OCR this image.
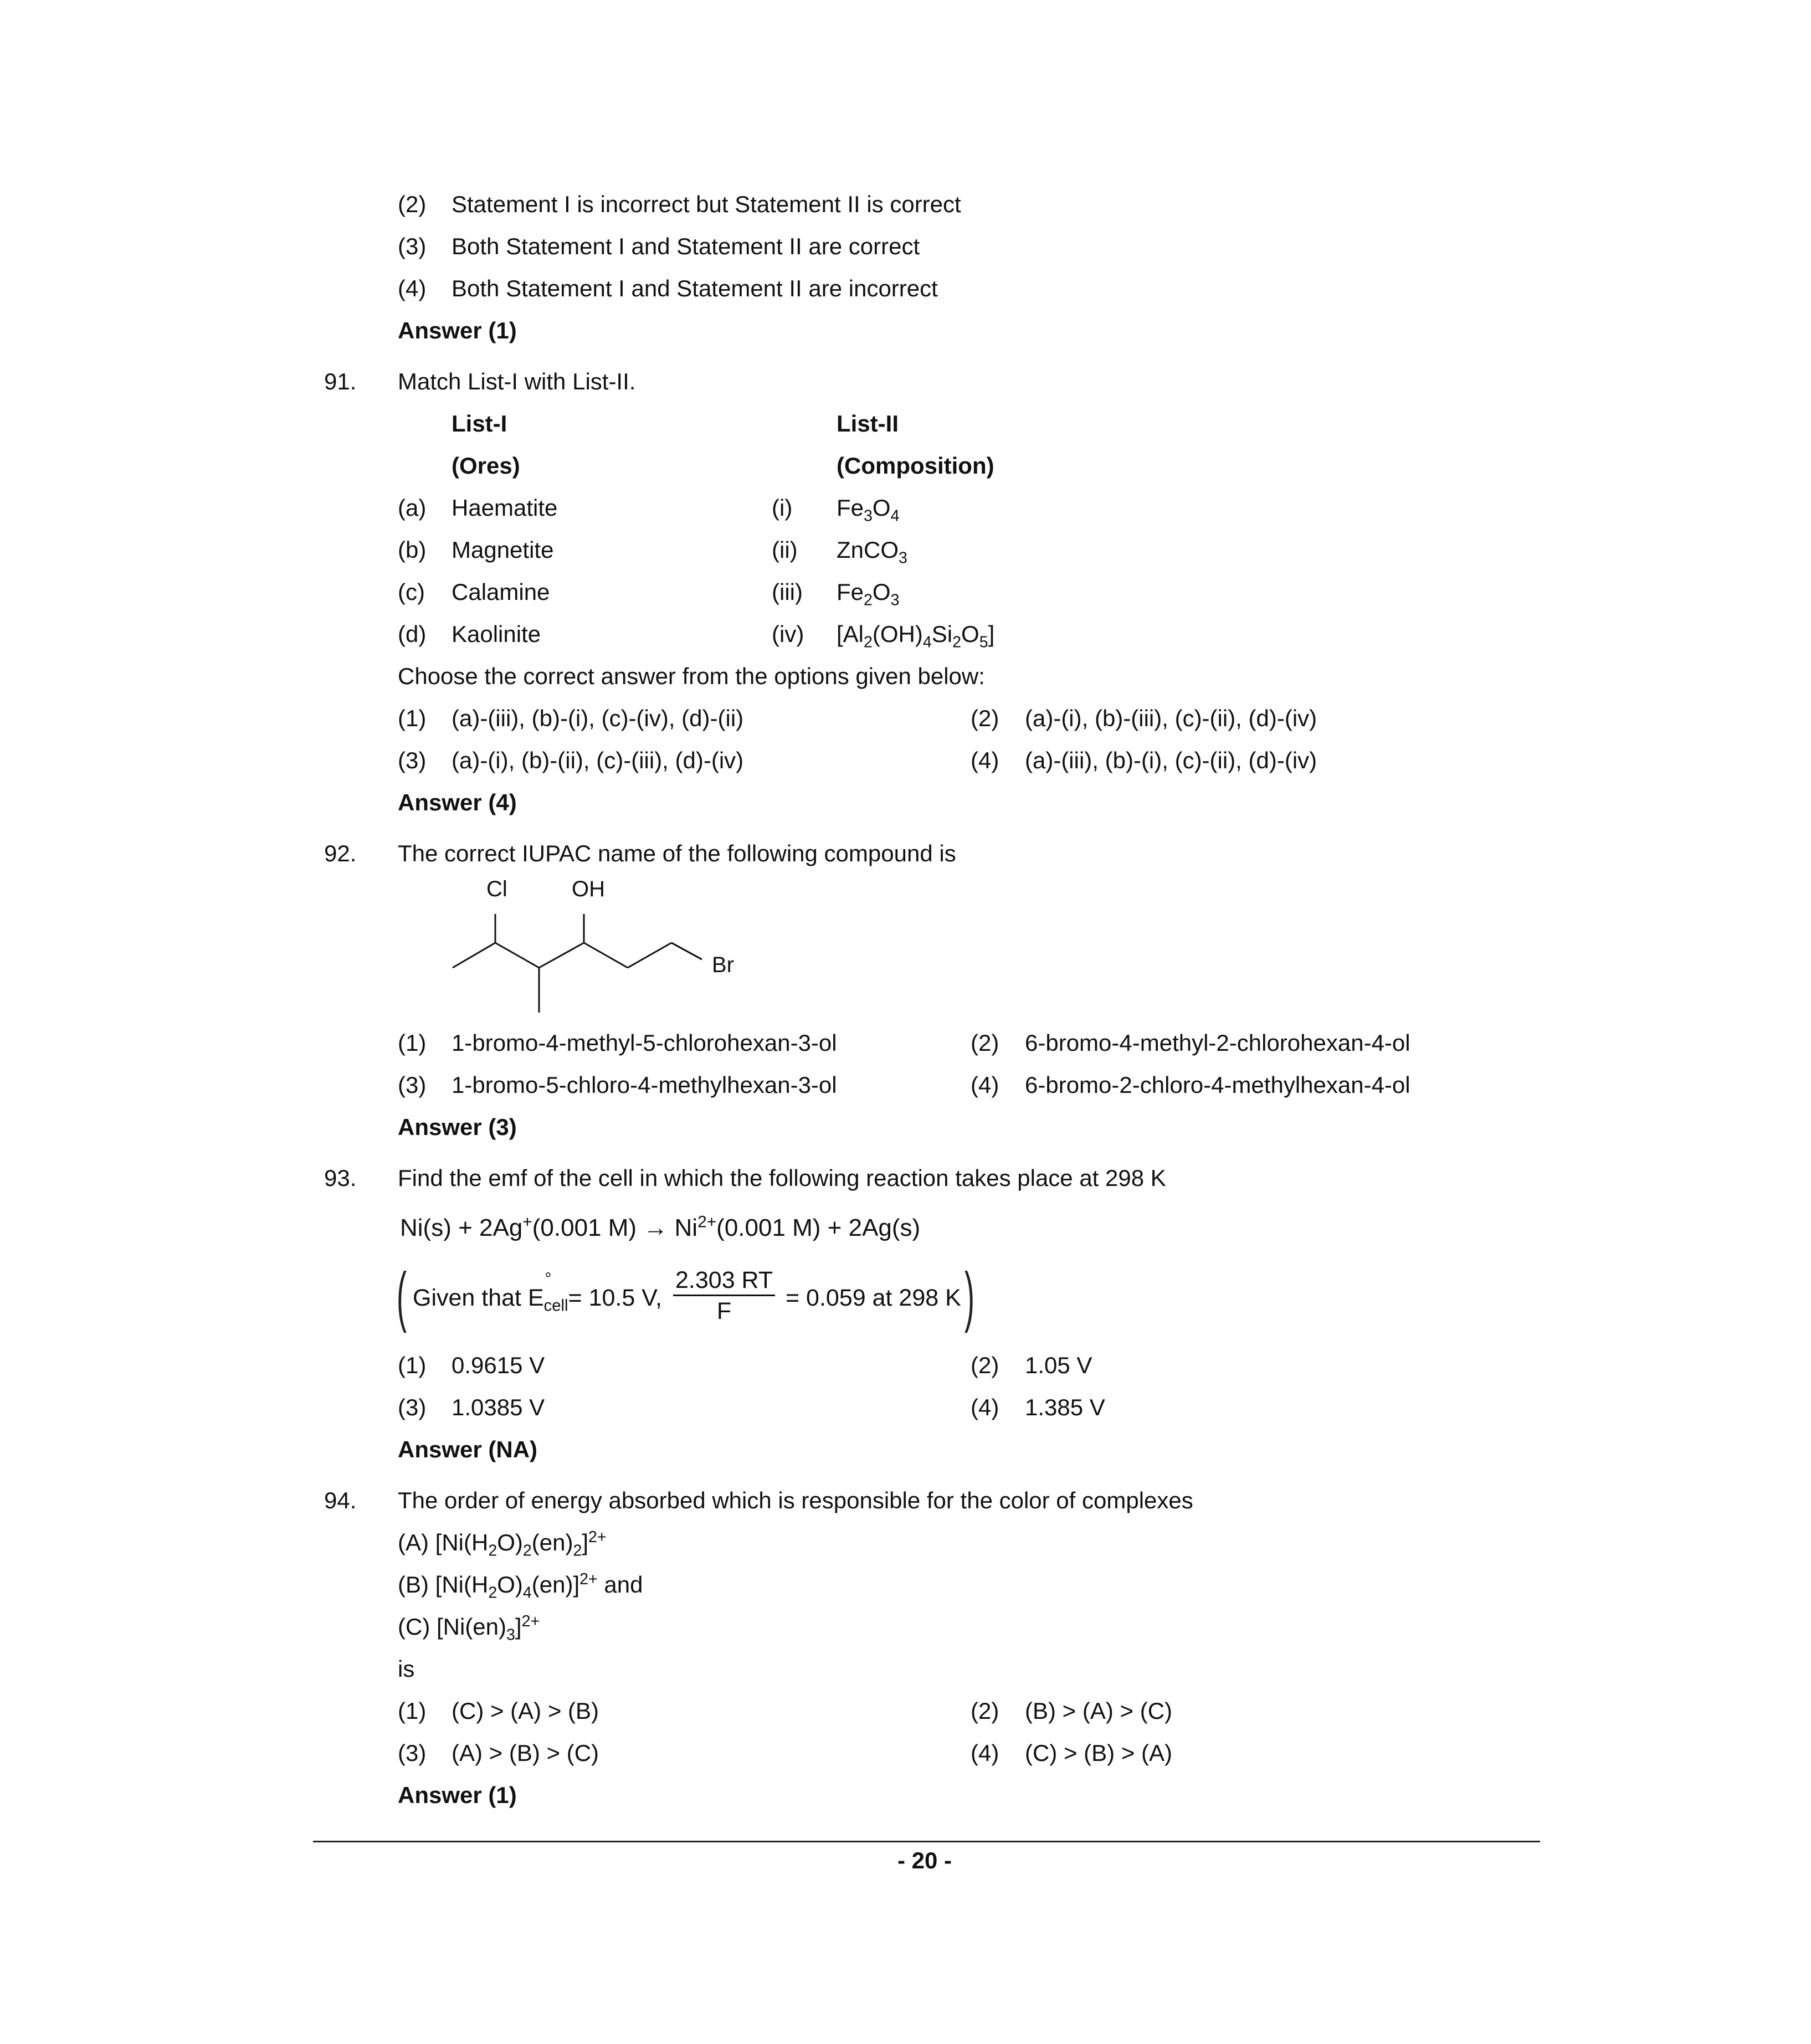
(2) Statement I is incorrect but Statement II is correct
(3) Both Statement I and Statement II are correct
(4) Both Statement I and Statement II are incorrect
Answer (1)
91. Match List-I with List-II.
List-I	List-II
(Ores)	(Composition)
(a) Haematite	(i) $Fe_3O_4$
(b) Magnetite	(ii) ZnCO$_3$
(c) Calamine	(iii) $Fe_2O_3$
(d) Kaolinite	(iv) $[Al_2(OH)_4Si_2O_5]$
Choose the correct answer from the options given below:
(1) (a)-(iii), (b)-(i), (c)-(iv), (d)-(ii)	(2) (a)-(i), (b)-(iii), (c)-(ii), (d)-(iv)
(3) (a)-(i), (b)-(ii), (c)-(iii), (d)-(iv)	(4) (a)-(iii), (b)-(i), (c)-(ii), (d)-(iv)
Answer (4)
92. The correct IUPAC name of the following compound is
Cl	OH
Br
(1) 1-bromo-4-methyl-5-chlorohexan-3-ol	(2) 6-bromo-4-methyl-2-chlorohexan-4-ol
(3) 1-bromo-5-chloro-4-methylhexan-3-ol	(4) 6-bromo-2-chloro-4-methylhexan-4-ol
Answer (3)
93. Find the emf of the cell in which the following reaction takes place at 298 K
Ni(s) + 2Ag+(0.001 $M) \to Ni^{2+}(0.001$ M) + 2Ag(s)
( Given that E
°
$_{cell}$= 10.5 V, $\frac{2.303 RT}{F} = 0.059$ at 298 K )
(1) 0.9615 V	(2) 1.05 V
(3) 1.0385 V	(4) 1.385 V
Answer (NA)
94. The order of energy absorbed which is responsible for the color of complexes
(A) $[Ni(H_2O)_2(en)_2]^{2+}$
(B) $[Ni(H_2O)_4(en)]^{2+}$ and
(C) $[Ni(en)_3]^{2+}$
is
(1) (C) > (A) > (B)	(2) (B) > (A) > (C)
(3) (A) > (B) > (C)	(4) (C) > (B) > (A)
Answer (1)
- 20 -
